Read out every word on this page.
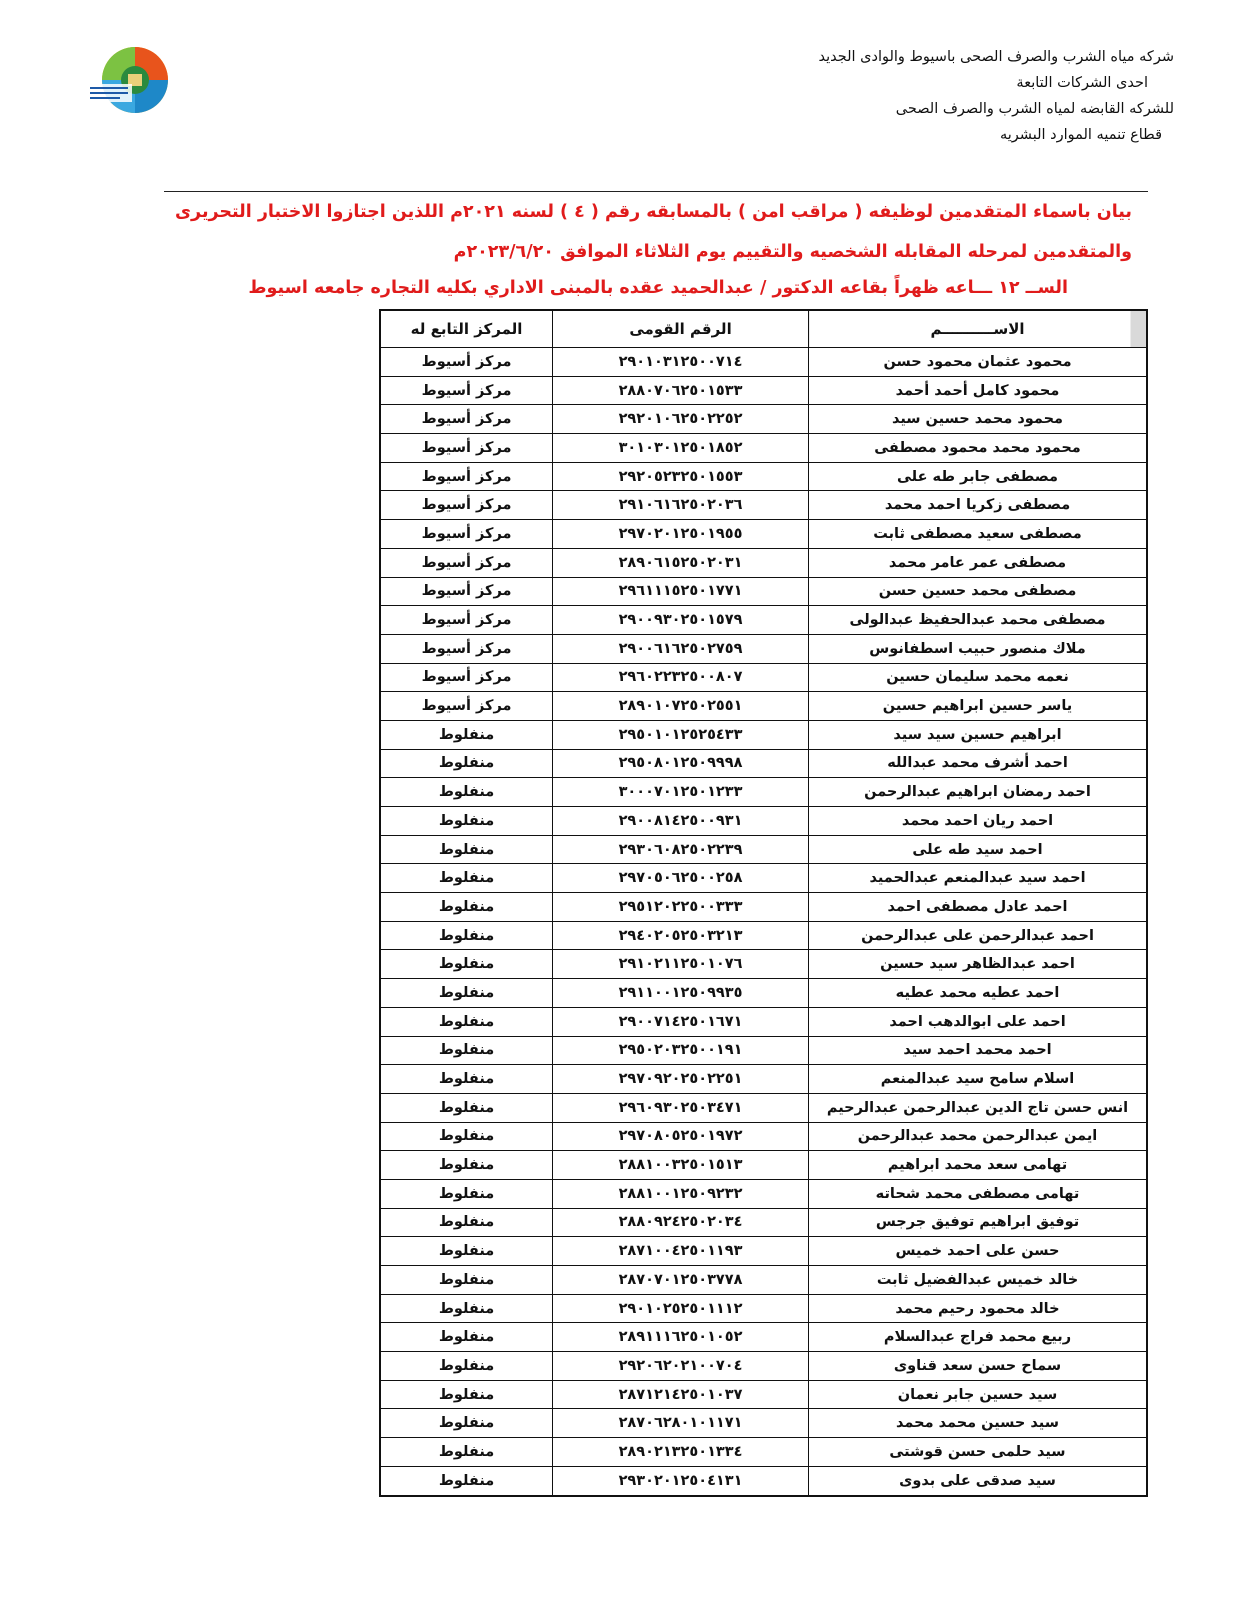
شركه مياه الشرب والصرف الصحى باسيوط والوادى الجديد
احدى الشركات التابعة
للشركه القابضه لمياه الشرب والصرف الصحى
قطاع تنميه الموارد البشريه
بيان باسماء المتقدمين لوظيفه ( مراقب امن ) بالمسابقه رقم ( ٤ ) لسنه ٢٠٢١م اللذين اجتازوا الاختبار التحريرى
والمتقدمين لمرحله المقابله الشخصيه والتقييم يوم الثلاثاء الموافق ٢٠٢٣/٦/٢٠م
الســ ١٢ ـــاعه ظهراً بقاعه الدكتور / عبدالحميد عقده بالمبنى الاداري بكليه التجاره جامعه اسيوط
الاســــــــــم	الرقم القومى	المركز التابع له
محمود عثمان محمود حسن	٢٩٠١٠٣١٢٥٠٠٧١٤	مركز أسيوط
محمود كامل أحمد أحمد	٢٨٨٠٧٠٦٢٥٠١٥٣٣	مركز أسيوط
محمود محمد حسين سيد	٢٩٢٠١٠٦٢٥٠٢٢٥٢	مركز أسيوط
محمود محمد محمود مصطفى	٣٠١٠٣٠١٢٥٠١٨٥٢	مركز أسيوط
مصطفى جابر طه على	٢٩٢٠٥٢٣٢٥٠١٥٥٣	مركز أسيوط
مصطفى زكريا احمد محمد	٢٩١٠٦١٦٢٥٠٢٠٣٦	مركز أسيوط
مصطفى سعيد مصطفى ثابت	٢٩٧٠٢٠١٢٥٠١٩٥٥	مركز أسيوط
مصطفى عمر عامر محمد	٢٨٩٠٦١٥٢٥٠٢٠٣١	مركز أسيوط
مصطفى محمد حسين حسن	٢٩٦١١١٥٢٥٠١٧٧١	مركز أسيوط
مصطفى محمد عبدالحفيظ عبدالولى	٢٩٠٠٩٣٠٢٥٠١٥٧٩	مركز أسيوط
ملاك منصور حبيب اسطفانوس	٢٩٠٠٦١٦٢٥٠٢٧٥٩	مركز أسيوط
نعمه محمد سليمان حسين	٢٩٦٠٢٢٣٢٥٠٠٨٠٧	مركز أسيوط
ياسر حسين ابراهيم حسين	٢٨٩٠١٠٧٢٥٠٢٥٥١	مركز أسيوط
ابراهيم حسين سيد سيد	٢٩٥٠١٠١٢٥٢٥٤٣٣	منفلوط
احمد أشرف محمد عبدالله	٢٩٥٠٨٠١٢٥٠٩٩٩٨	منفلوط
احمد رمضان ابراهيم عبدالرحمن	٣٠٠٠٧٠١٢٥٠١٢٣٣	منفلوط
احمد ريان احمد محمد	٢٩٠٠٨١٤٢٥٠٠٩٣١	منفلوط
احمد سيد طه على	٢٩٣٠٦٠٨٢٥٠٢٢٣٩	منفلوط
احمد سيد عبدالمنعم عبدالحميد	٢٩٧٠٥٠٦٢٥٠٠٢٥٨	منفلوط
احمد عادل مصطفى احمد	٢٩٥١٢٠٢٢٥٠٠٣٣٣	منفلوط
احمد عبدالرحمن على عبدالرحمن	٢٩٤٠٢٠٥٢٥٠٣٢١٣	منفلوط
احمد عبدالظاهر سيد حسين	٢٩١٠٢١١٢٥٠١٠٧٦	منفلوط
احمد عطيه محمد عطيه	٢٩١١٠٠١٢٥٠٩٩٣٥	منفلوط
احمد على ابوالدهب احمد	٢٩٠٠٧١٤٢٥٠١٦٧١	منفلوط
احمد محمد احمد سيد	٢٩٥٠٢٠٣٢٥٠٠١٩١	منفلوط
اسلام سامح سيد عبدالمنعم	٢٩٧٠٩٢٠٢٥٠٢٢٥١	منفلوط
انس حسن تاج الدين عبدالرحمن عبدالرحيم	٢٩٦٠٩٣٠٢٥٠٣٤٧١	منفلوط
ايمن عبدالرحمن محمد عبدالرحمن	٢٩٧٠٨٠٥٢٥٠١٩٧٢	منفلوط
تهامى سعد محمد ابراهيم	٢٨٨١٠٠٣٢٥٠١٥١٣	منفلوط
تهامى مصطفى محمد شحاته	٢٨٨١٠٠١٢٥٠٩٢٣٢	منفلوط
توفيق ابراهيم توفيق جرجس	٢٨٨٠٩٢٤٢٥٠٢٠٣٤	منفلوط
حسن على احمد خميس	٢٨٧١٠٠٤٢٥٠١١٩٣	منفلوط
خالد خميس عبدالفضيل ثابت	٢٨٧٠٧٠١٢٥٠٣٧٧٨	منفلوط
خالد محمود رحيم محمد	٢٩٠١٠٢٥٢٥٠١١١٢	منفلوط
ربيع محمد فراج عبدالسلام	٢٨٩١١١٦٢٥٠١٠٥٢	منفلوط
سماح حسن سعد قناوى	٢٩٢٠٦٢٠٢١٠٠٧٠٤	منفلوط
سيد حسين جابر نعمان	٢٨٧١٢١٤٢٥٠١٠٣٧	منفلوط
سيد حسين محمد محمد	٢٨٧٠٦٢٨٠١٠١١٧١	منفلوط
سيد حلمى حسن قوشتى	٢٨٩٠٢١٣٢٥٠١٣٣٤	منفلوط
سيد صدقى على بدوى	٢٩٣٠٢٠١٢٥٠٤١٣١	منفلوط
